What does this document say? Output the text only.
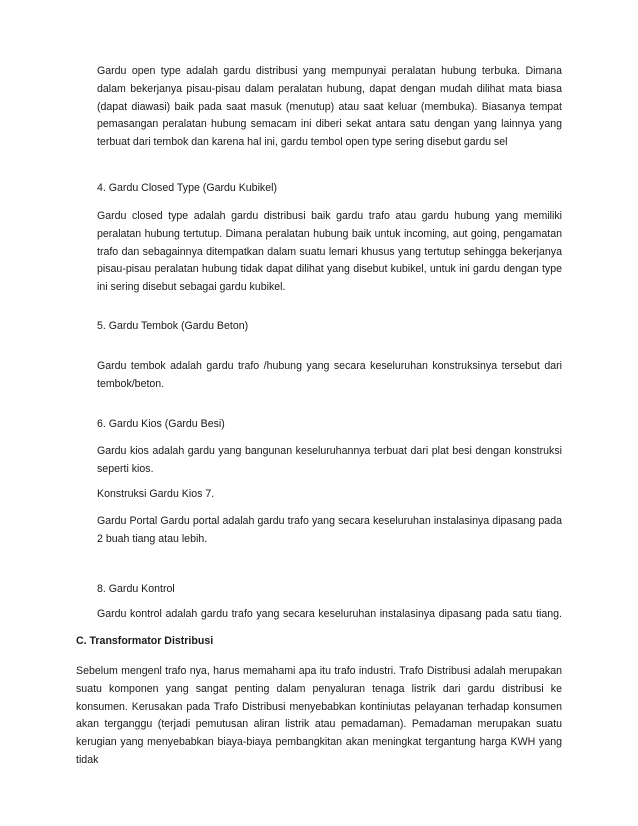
Gardu open type adalah gardu distribusi yang mempunyai peralatan hubung terbuka. Dimana dalam bekerjanya pisau-pisau dalam peralatan hubung, dapat dengan mudah dilihat mata biasa (dapat diawasi) baik pada saat masuk (menutup) atau saat keluar (membuka). Biasanya tempat pemasangan peralatan hubung semacam ini diberi sekat antara satu dengan yang lainnya yang terbuat dari tembok dan karena hal ini, gardu tembol open type sering disebut gardu sel

4. Gardu Closed Type (Gardu Kubikel)

Gardu closed type adalah gardu distribusi baik gardu trafo atau gardu hubung yang memiliki peralatan hubung tertutup. Dimana peralatan hubung baik untuk incoming, aut going, pengamatan trafo dan sebagainnya ditempatkan dalam suatu lemari khusus yang tertutup sehingga bekerjanya pisau-pisau peralatan hubung tidak dapat dilihat yang disebut kubikel, untuk ini gardu dengan type ini sering disebut sebagai gardu kubikel.

5. Gardu Tembok (Gardu Beton)

Gardu tembok adalah gardu trafo /hubung yang secara keseluruhan konstruksinya tersebut dari tembok/beton.

6. Gardu Kios (Gardu Besi)

Gardu kios adalah gardu yang bangunan keseluruhannya terbuat dari plat besi dengan konstruksi seperti kios.

Konstruksi Gardu Kios 7.

Gardu Portal Gardu portal adalah gardu trafo yang secara keseluruhan instalasinya dipasang pada 2 buah tiang atau lebih.

8. Gardu Kontrol

Gardu kontrol adalah gardu trafo yang secara keseluruhan instalasinya dipasang pada satu tiang.

C. Transformator Distribusi

Sebelum mengenl trafo nya, harus memahami apa itu trafo industri. Trafo Distribusi adalah merupakan suatu komponen yang sangat penting dalam penyaluran tenaga listrik dari gardu distribusi ke konsumen. Kerusakan pada Trafo Distribusi menyebabkan kontiniutas pelayanan terhadap konsumen akan terganggu (terjadi pemutusan aliran listrik atau pemadaman). Pemadaman merupakan suatu kerugian yang menyebabkan biaya-biaya pembangkitan akan meningkat tergantung harga KWH yang tidak
